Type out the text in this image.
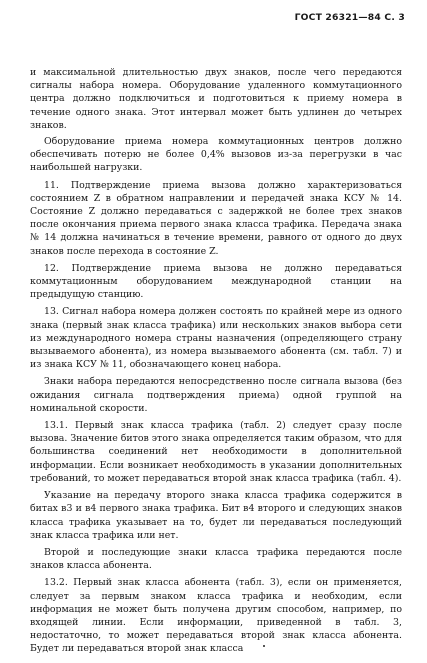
ГОСТ 26321—84 С. 3

и максимальной длительностью двух знаков, после чего передаются сигналы набора номера. Оборудование удаленного коммутационного центра должно подключиться и подготовиться к приему номера в течение одного знака. Этот интервал может быть удлинен до четырех знаков.

Оборудование приема номера коммутационных центров должно обеспечивать потерю не более 0,4% вызовов из-за перегрузки в час наибольшей нагрузки.

11. Подтверждение приема вызова должно характеризоваться состоянием Z в обратном направлении и передачей знака КСУ № 14. Состояние Z должно передаваться с задержкой не более трех знаков после окончания приема первого знака класса трафика. Передача знака № 14 должна начинаться в течение времени, равного от одного до двух знаков после перехода в состояние Z.

12. Подтверждение приема вызова не должно передаваться коммутационным оборудованием международной станции на предыдущую станцию.

13. Сигнал набора номера должен состоять по крайней мере из одного знака (первый знак класса трафика) или нескольких знаков выбора сети из международного номера страны назначения (определяющего страну вызываемого абонента), из номера вызываемого абонента (см. табл. 7) и из знака КСУ № 11, обозначающего конец набора.

Знаки набора передаются непосредственно после сигнала вызова (без ожидания сигнала подтверждения приема) одной группой на номинальной скорости.

13.1. Первый знак класса трафика (табл. 2) следует сразу после вызова. Значение битов этого знака определяется таким образом, что для большинства соединений нет необходимости в дополнительной информации. Если возникает необходимость в указании дополнительных требований, то может передаваться второй знак класса трафика (табл. 4).

Указание на передачу второго знака класса трафика содержится в битах в3 и в4 первого знака трафика. Бит в4 второго и следующих знаков класса трафика указывает на то, будет ли передаваться последующий знак класса трафика или нет.

Второй и последующие знаки класса трафика передаются после знаков класса абонента.

13.2. Первый знак класса абонента (табл. 3), если он применяется, следует за первым знаком класса трафика и необходим, если информация не может быть получена другим способом, например, по входящей линии. Если информации, приведенной в табл. 3, недостаточно, то может передаваться второй знак класса абонента. Будет ли передаваться второй знак класса
